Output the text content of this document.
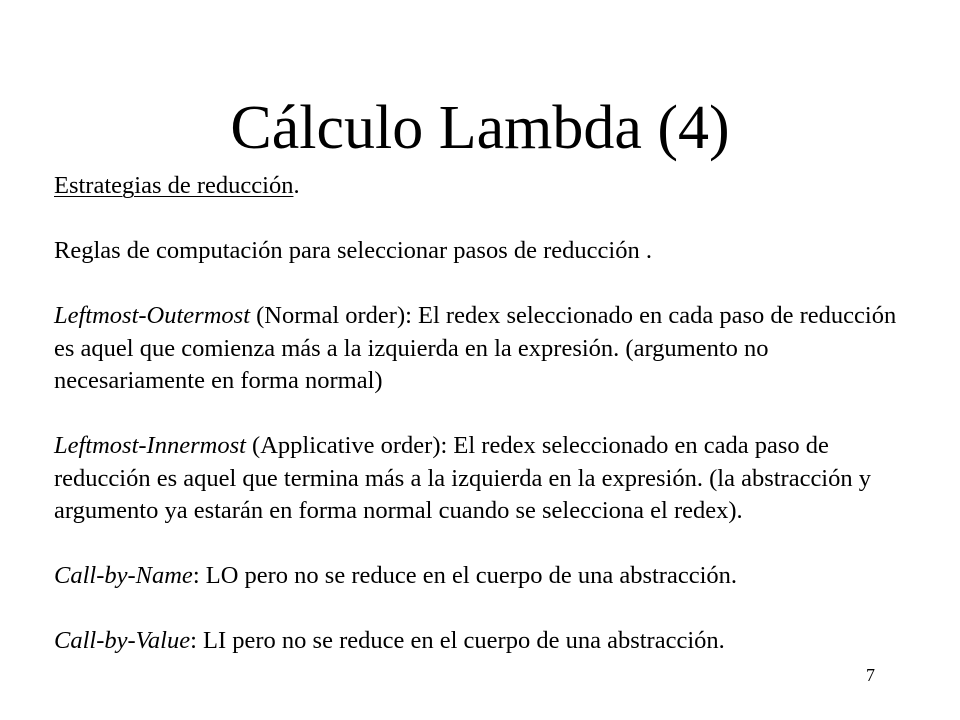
Cálculo Lambda (4)

Estrategias de reducción.

Reglas de computación para seleccionar pasos de reducción .

Leftmost-Outermost (Normal order): El redex seleccionado en cada paso de reducción es aquel que comienza más a la izquierda en la expresión. (argumento no necesariamente en forma normal)

Leftmost-Innermost (Applicative order): El redex seleccionado en cada paso de reducción es aquel que termina más a la izquierda en la expresión. (la abstracción y argumento ya estarán en forma normal cuando se selecciona el redex).

Call-by-Name: LO pero no se reduce en el cuerpo de una abstracción.

Call-by-Value: LI pero no se reduce en el cuerpo de una abstracción.

7
